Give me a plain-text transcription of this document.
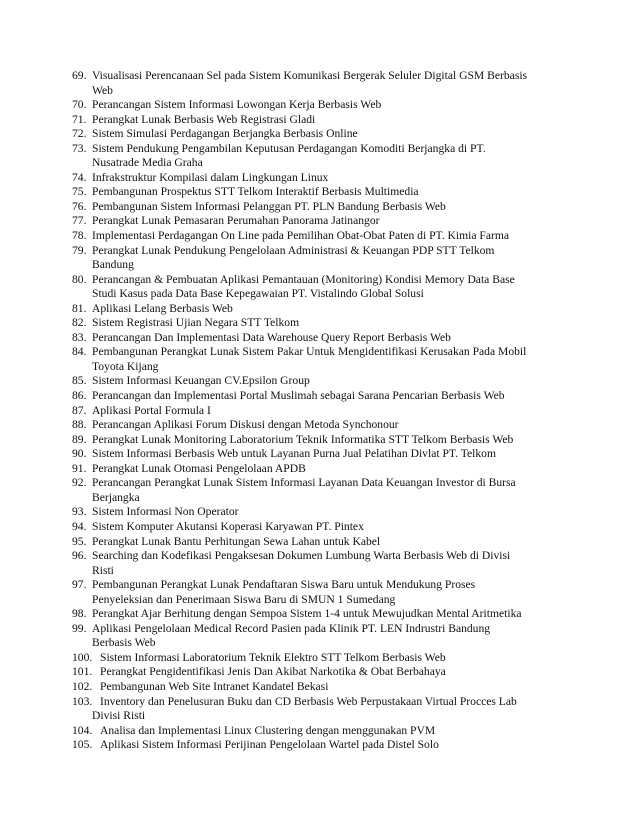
69. Visualisasi Perencanaan Sel pada Sistem Komunikasi Bergerak Seluler Digital GSM Berbasis
Web
70. Perancangan Sistem Informasi Lowongan Kerja Berbasis Web
71. Perangkat Lunak Berbasis Web Registrasi Gladi
72. Sistem Simulasi Perdagangan Berjangka Berbasis Online
73. Sistem Pendukung Pengambilan Keputusan Perdagangan Komoditi Berjangka di PT.
Nusatrade Media Graha
74. Infrakstruktur Kompilasi dalam Lingkungan Linux
75. Pembangunan Prospektus STT Telkom Interaktif Berbasis Multimedia
76. Pembangunan Sistem Informasi Pelanggan PT. PLN Bandung Berbasis Web
77. Perangkat Lunak Pemasaran Perumahan Panorama Jatinangor
78. Implementasi Perdagangan On Line pada Pemilihan Obat-Obat Paten di PT. Kimia Farma
79. Perangkat Lunak Pendukung Pengelolaan Administrasi & Keuangan PDP STT Telkom
Bandung
80. Perancangan & Pembuatan Aplikasi Pemantauan (Monitoring) Kondisi Memory Data Base
Studi Kasus pada Data Base Kepegawaian PT. Vistalindo Global Solusi
81. Aplikasi Lelang Berbasis Web
82. Sistem Registrasi Ujian Negara STT Telkom
83. Perancangan Dan Implementasi Data Warehouse Query Report Berbasis Web
84. Pembangunan Perangkat Lunak Sistem Pakar Untuk Mengidentifikasi Kerusakan Pada Mobil
Toyota Kijang
85. Sistem Informasi Keuangan CV.Epsilon Group
86. Perancangan dan Implementasi Portal Muslimah sebagai Sarana Pencarian Berbasis Web
87. Aplikasi Portal Formula I
88. Perancangan Aplikasi Forum Diskusi dengan Metoda Synchonour
89. Perangkat Lunak Monitoring Laboratorium Teknik Informatika STT Telkom Berbasis Web
90. Sistem Informasi Berbasis Web untuk Layanan Purna Jual Pelatihan Divlat PT. Telkom
91. Perangkat Lunak Otomasi Pengelolaan APDB
92. Perancangan Perangkat Lunak Sistem Informasi Layanan Data Keuangan Investor di Bursa
Berjangka
93. Sistem Informasi Non Operator
94. Sistem Komputer Akutansi Koperasi Karyawan PT. Pintex
95. Perangkat Lunak Bantu Perhitungan Sewa Lahan untuk Kabel
96. Searching dan Kodefikasi Pengaksesan Dokumen Lumbung Warta Berbasis Web di Divisi
Risti
97. Pembangunan Perangkat Lunak Pendaftaran Siswa Baru untuk Mendukung Proses
Penyeleksian dan Penerimaan Siswa Baru di SMUN 1 Sumedang
98. Perangkat Ajar Berhitung dengan Sempoa Sistem 1-4 untuk Mewujudkan Mental Aritmetika
99. Aplikasi Pengelolaan Medical Record Pasien pada Klinik PT. LEN Indrustri Bandung
Berbasis Web
100. Sistem Informasi Laboratorium Teknik Elektro STT Telkom Berbasis Web
101. Perangkat Pengidentifikasi Jenis Dan Akibat Narkotika & Obat Berbahaya
102. Pembangunan Web Site Intranet Kandatel Bekasi
103. Inventory dan Penelusuran Buku dan CD Berbasis Web Perpustakaan Virtual Procces Lab
Divisi Risti
104. Analisa dan Implementasi Linux Clustering dengan menggunakan PVM
105. Aplikasi Sistem Informasi Perijinan Pengelolaan Wartel pada Distel Solo
